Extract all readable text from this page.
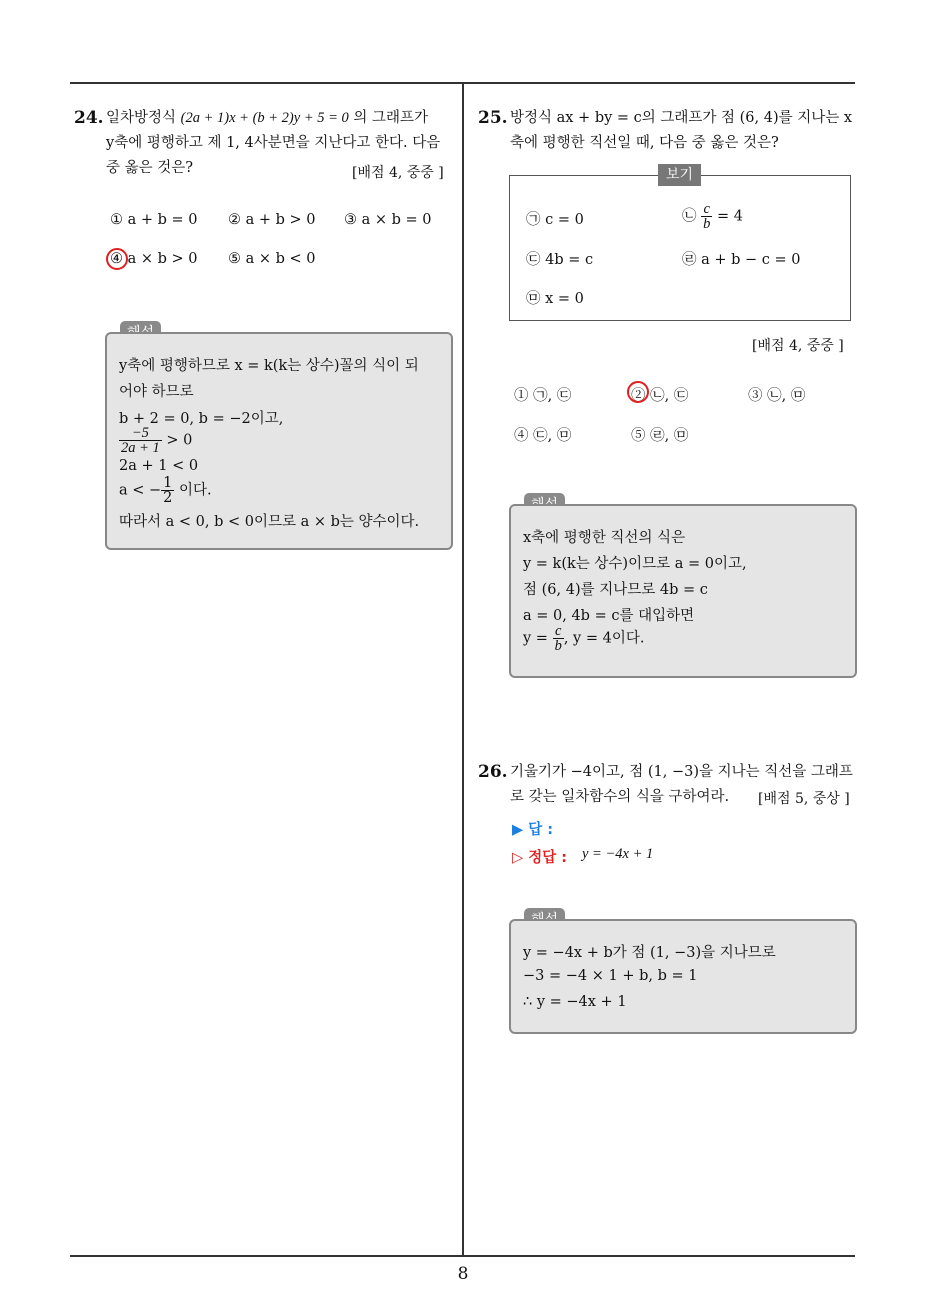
24. 일차방정식 (2a + 1)x + (b + 2)y + 5 = 0 의 그래프가
y축에 평행하고 제 1, 4사분면을 지난다고 한다. 다음
중 옳은 것은?	[배점 4, 중중 ]
① a + b = 0 ② a + b > 0 ③ a × b = 0
④ a × b > 0 ⑤ a × b < 0
y축에 평행하므로 x = k(k는 상수)꼴의 식이 되
어야 하므로
b + 2 = 0, b = −2이고,
$\frac{-5}{2a + 1} > 0$
2a + 1 < 0
a < − $\frac{1}{2}$ 이다.
따라서 a < 0, b < 0이므로 a × b는 양수이다.
25. 방정식 ax + by = c의 그래프가 점 (6, 4)를 지나는 x
축에 평행한 직선일 때, 다음 중 옳은 것은?
㉠ c = 0	㉡ $\frac{c}{b} = 4$
㉢ 4b = c	㉣ a + b − c = 0
㉤ x = 0
보기
[배점 4, 중중 ]
① ㉠, ㉢	② ㉡, ㉢	③ ㉡, ㉤
④ ㉢, ㉤	⑤ ㉣, ㉤
x축에 평행한 직선의 식은
y = k(k는 상수)이므로 a = 0이고,
점 (6, 4)를 지나므로 4b = c
a = 0, 4b = c를 대입하면
$y = \frac{c}{b}$ , y = 4이다.
26. 기울기가 −4이고, 점 (1, −3)을 지나는 직선을 그래프
로 갖는 일차함수의 식을 구하여라.	[배점 5, 중상 ]
▶ 답 :
▷ 정답 : y = −4x + 1
y = −4x + b가 점 (1, −3)을 지나므로
−3 = −4 × 1 + b, b = 1
∴ y = −4x + 1
8
